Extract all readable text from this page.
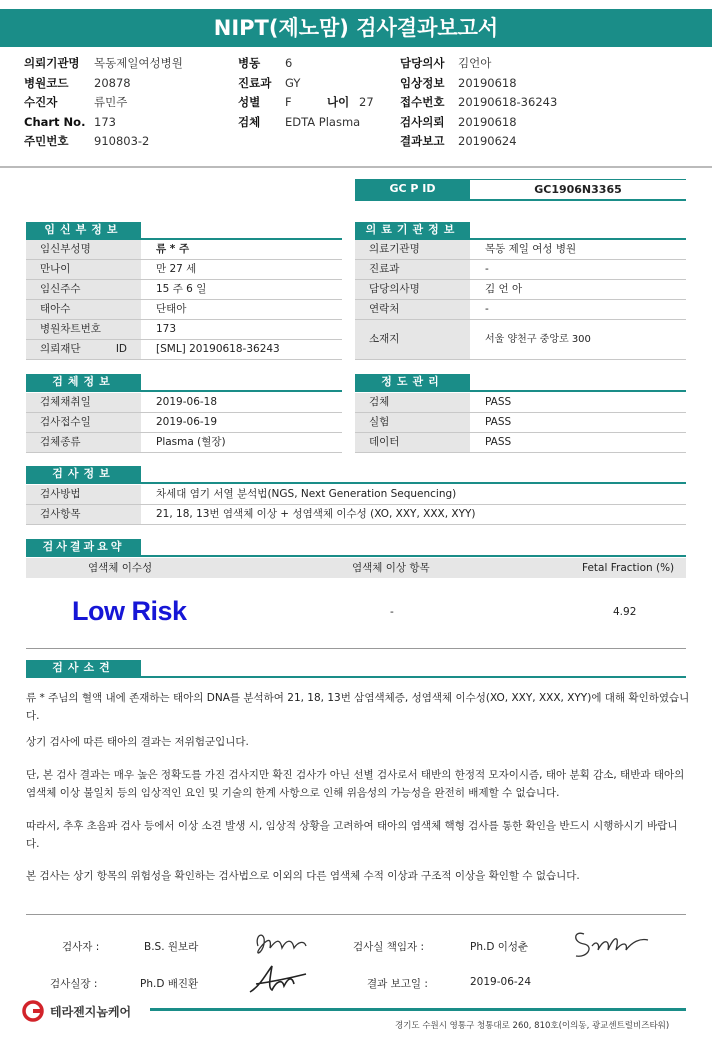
NIPT(제노맘) 검사결과보고서
의뢰기관명 목동제일여성병원
병원코드 20878
수진자	류민주
Chart No. 173
주민번호 910803-2
병동 6
진료과 GY
성별 F	나이 27
검체 EDTA Plasma
담당의사 김언아
임상정보 20190618
접수번호 20190618-36243
검사의뢰 20190618
결과보고 20190624
GC P ID	GC1906N3365
임신부정보
임신부성명	류 * 주
만나이	만 27 세
임신주수	15 주 6 일
태아수	단태아
병원차트번호	173
의뢰재단 ID	[SML] 20190618-36243
의료기관정보
의료기관명	목동 제일 여성 병원
진료과	-
담당의사명	김 언 아
연락처	-
소재지	서울 양천구 중앙로 300
검체정보
검체채취일	2019-06-18
검사접수일	2019-06-19
검체종류	Plasma (혈장)
정도관리
검체	PASS
실험	PASS
데이터	PASS
검사정보
검사방법	차세대 염기 서열 분석법(NGS, Next Generation Sequencing)
검사항목	21, 18, 13번 염색체 이상 + 성염색체 이수성 (XO, XXY, XXX, XYY)
검사결과요약
염색체 이수성	염색체 이상 항목	Fetal Fraction (%)
Low Risk	-	4.92
검사소견

류 * 주님의 혈액 내에 존재하는 태아의 DNA를 분석하여 21, 18, 13번 삼염색체증, 성염색체 이수성(XO, XXY, XXX, XYY)에 대해 확인하였습니다.

상기 검사에 따른 태아의 결과는 저위험군입니다.

단, 본 검사 결과는 매우 높은 정확도를 가진 검사지만 확진 검사가 아닌 선별 검사로서 태반의 한정적 모자이시즘, 태아 분획 감소, 태반과 태아의 염색체 이상 불일치 등의 임상적인 요인 및 기술의 한계 사항으로 인해 위음성의 가능성을 완전히 배제할 수 없습니다.

따라서, 추후 초음파 검사 등에서 이상 소견 발생 시, 임상적 상황을 고려하여 태아의 염색체 핵형 검사를 통한 확인을 반드시 시행하시기 바랍니다.

본 검사는 상기 항목의 위험성을 확인하는 검사법으로 이외의 다른 염색체 수적 이상과 구조적 이상을 확인할 수 없습니다.

검사자 :	B.S. 원보라	검사실 책임자 :	Ph.D 이성춘
검사실장 :	Ph.D 배진환	결과 보고일 :	2019-06-24
테라젠지놈케어
경기도 수원시 영통구 청통대로 260, 810호(이의동, 광교센트럴비즈타워)
